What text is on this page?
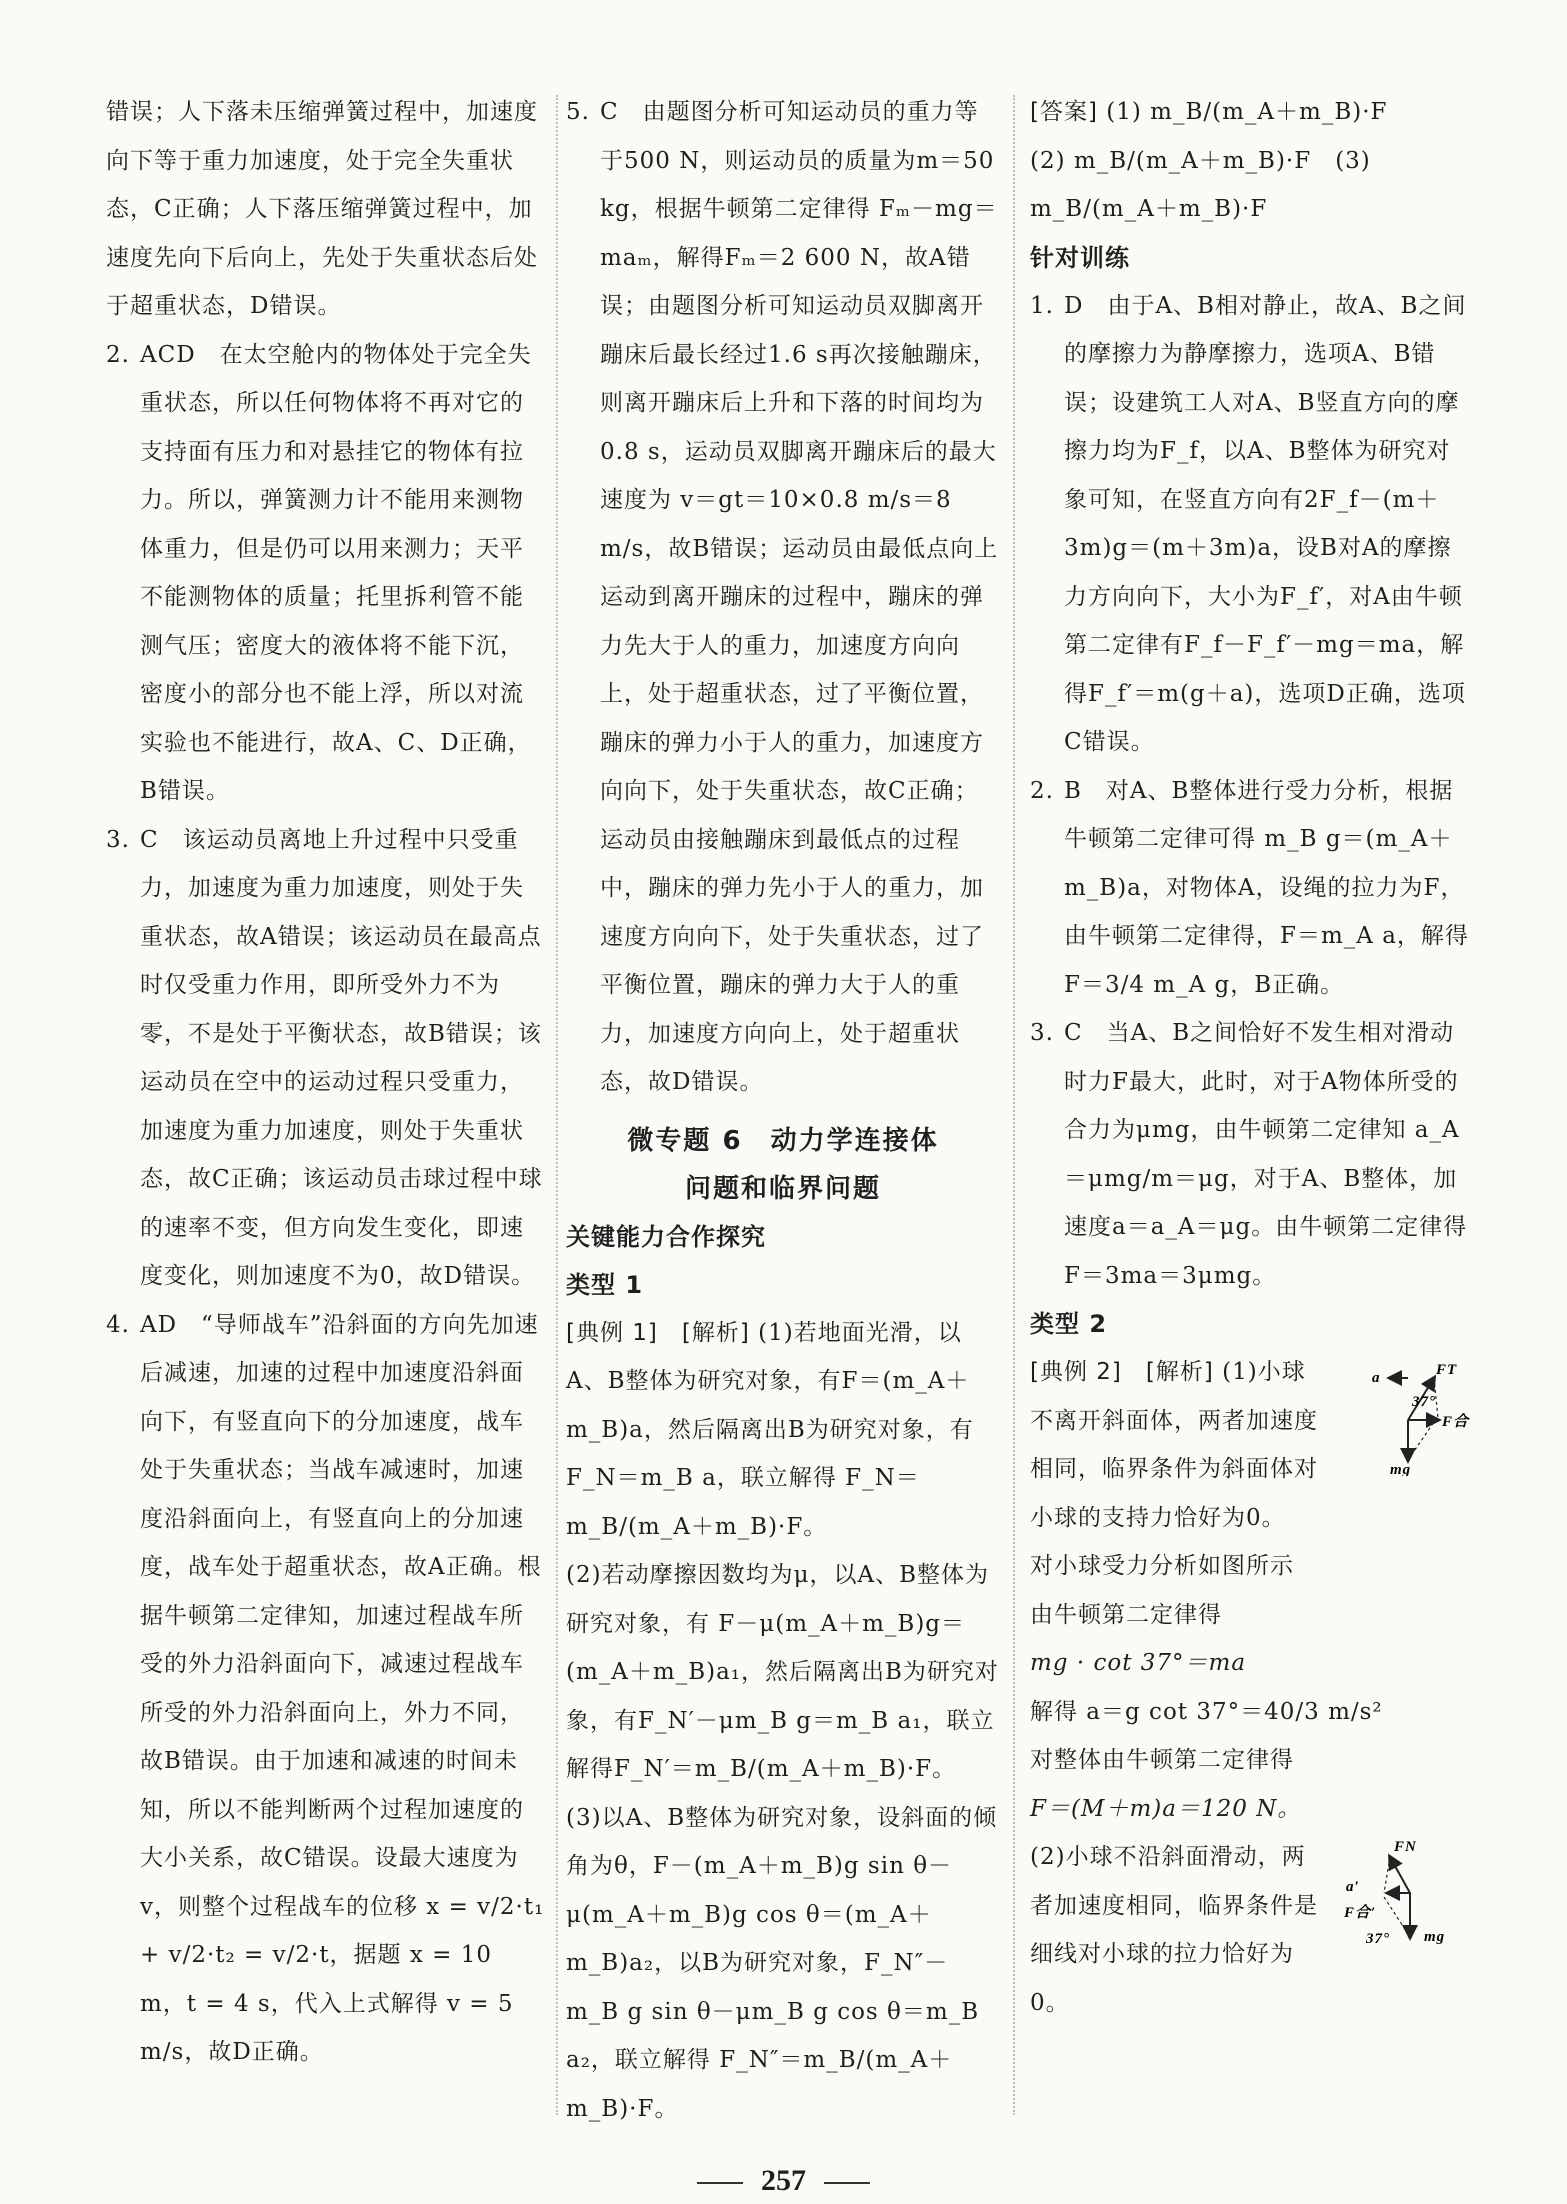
错误；人下落未压缩弹簧过程中，加速度向下等于重力加速度，处于完全失重状态，C正确；人下落压缩弹簧过程中，加速度先向下后向上，先处于失重状态后处于超重状态，D错误。
2. ACD　在太空舱内的物体处于完全失重状态，所以任何物体将不再对它的支持面有压力和对悬挂它的物体有拉力。所以，弹簧测力计不能用来测物体重力，但是仍可以用来测力；天平不能测物体的质量；托里拆利管不能测气压；密度大的液体将不能下沉，密度小的部分也不能上浮，所以对流实验也不能进行，故A、C、D正确，B错误。
3. C　该运动员离地上升过程中只受重力，加速度为重力加速度，则处于失重状态，故A错误；该运动员在最高点时仅受重力作用，即所受外力不为零，不是处于平衡状态，故B错误；该运动员在空中的运动过程只受重力，加速度为重力加速度，则处于失重状态，故C正确；该运动员击球过程中球的速率不变，但方向发生变化，即速度变化，则加速度不为0，故D错误。
4. AD　“导师战车”沿斜面的方向先加速后减速，加速的过程中加速度沿斜面向下，有竖直向下的分加速度，战车处于失重状态；当战车减速时，加速度沿斜面向上，有竖直向上的分加速度，战车处于超重状态，故A正确。根据牛顿第二定律知，加速过程战车所受的外力沿斜面向下，减速过程战车所受的外力沿斜面向上，外力不同，故B错误。由于加速和减速的时间未知，所以不能判断两个过程加速度的大小关系，故C错误。设最大速度为v，则整个过程战车的位移 x = v/2·t₁ + v/2·t₂ = v/2·t，据题 x = 10 m，t = 4 s，代入上式解得 v = 5 m/s，故D正确。
5. C　由题图分析可知运动员的重力等于500 N，则运动员的质量为m＝50 kg，根据牛顿第二定律得 Fₘ－mg＝maₘ，解得Fₘ＝2 600 N，故A错误；由题图分析可知运动员双脚离开蹦床后最长经过1.6 s再次接触蹦床，则离开蹦床后上升和下落的时间均为0.8 s，运动员双脚离开蹦床后的最大速度为 v＝gt＝10×0.8 m/s＝8 m/s，故B错误；运动员由最低点向上运动到离开蹦床的过程中，蹦床的弹力先大于人的重力，加速度方向向上，处于超重状态，过了平衡位置，蹦床的弹力小于人的重力，加速度方向向下，处于失重状态，故C正确；运动员由接触蹦床到最低点的过程中，蹦床的弹力先小于人的重力，加速度方向向下，处于失重状态，过了平衡位置，蹦床的弹力大于人的重力，加速度方向向上，处于超重状态，故D错误。
微专题 6　动力学连接体
问题和临界问题
关键能力合作探究
类型 1
[典例 1]　[解析] (1)若地面光滑，以A、B整体为研究对象，有F＝(m_A＋m_B)a，然后隔离出B为研究对象，有F_N＝m_B a，联立解得 F_N＝m_B/(m_A＋m_B)·F。
(2)若动摩擦因数均为μ，以A、B整体为研究对象，有 F－μ(m_A＋m_B)g＝(m_A＋m_B)a₁，然后隔离出B为研究对象，有F_N′－μm_B g＝m_B a₁，联立解得F_N′＝m_B/(m_A＋m_B)·F。
(3)以A、B整体为研究对象，设斜面的倾角为θ，F－(m_A＋m_B)g sin θ－μ(m_A＋m_B)g cos θ＝(m_A＋m_B)a₂，以B为研究对象，F_N″－m_B g sin θ－μm_B g cos θ＝m_B a₂，联立解得 F_N″＝m_B/(m_A＋m_B)·F。
[答案] (1) m_B/(m_A＋m_B)·F
(2) m_B/(m_A＋m_B)·F　(3) m_B/(m_A＋m_B)·F
针对训练
1. D　由于A、B相对静止，故A、B之间的摩擦力为静摩擦力，选项A、B错误；设建筑工人对A、B竖直方向的摩擦力均为F_f，以A、B整体为研究对象可知，在竖直方向有2F_f－(m＋3m)g＝(m＋3m)a，设B对A的摩擦力方向向下，大小为F_f′，对A由牛顿第二定律有F_f－F_f′－mg＝ma，解得F_f′＝m(g＋a)，选项D正确，选项C错误。
2. B　对A、B整体进行受力分析，根据牛顿第二定律可得 m_B g＝(m_A＋m_B)a，对物体A，设绳的拉力为F，由牛顿第二定律得，F＝m_A a，解得 F＝3/4 m_A g，B正确。
3. C　当A、B之间恰好不发生相对滑动时力F最大，此时，对于A物体所受的合力为μmg，由牛顿第二定律知 a_A＝μmg/m＝μg，对于A、B整体，加速度a＝a_A＝μg。由牛顿第二定律得F＝3ma＝3μmg。
类型 2
[典例 2]　[解析] (1)小球不离开斜面体，两者加速度相同，临界条件为斜面体对小球的支持力恰好为0。
a	FT
37°
F合
mg
对小球受力分析如图所示
由牛顿第二定律得
mg · cot 37°＝ma
解得 a＝g cot 37°＝40/3 m/s²
对整体由牛顿第二定律得
F＝(M＋m)a＝120 N。
(2)小球不沿斜面滑动，两者加速度相同，临界条件是细线对小球的拉力恰好为0。
a′
FN
F合′
37° mg
257
